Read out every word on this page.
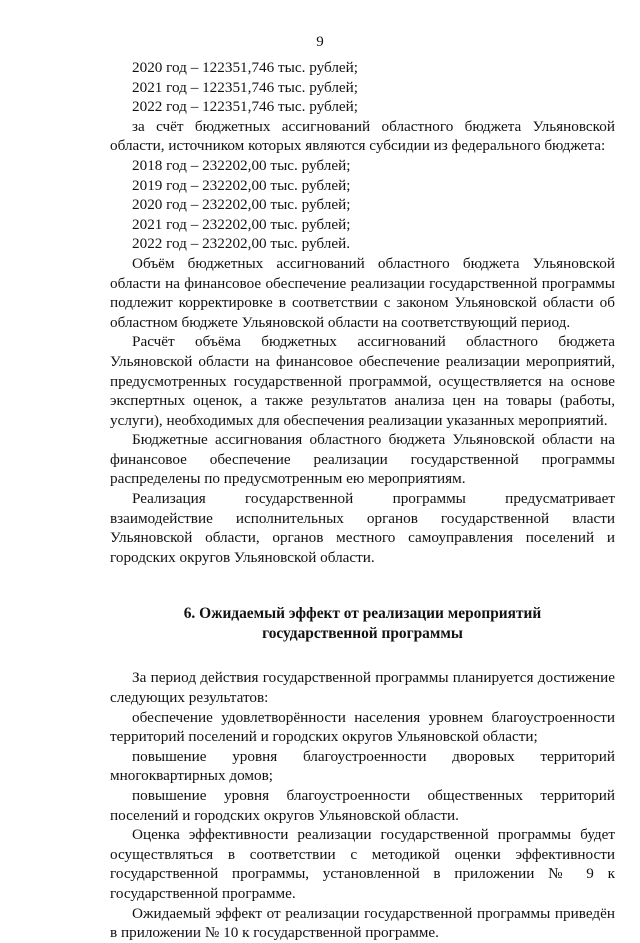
9

2020 год – 122351,746 тыс. рублей;

2021 год – 122351,746 тыс. рублей;

2022 год – 122351,746 тыс. рублей;

за счёт бюджетных ассигнований областного бюджета Ульяновской области, источником которых являются субсидии из федерального бюджета:

2018 год – 232202,00 тыс. рублей;

2019 год – 232202,00 тыс. рублей;

2020 год – 232202,00 тыс. рублей;

2021 год – 232202,00 тыс. рублей;

2022 год – 232202,00 тыс. рублей.

Объём бюджетных ассигнований областного бюджета Ульяновской области на финансовое обеспечение реализации государственной программы подлежит корректировке в соответствии с законом Ульяновской области об областном бюджете Ульяновской области на соответствующий период.

Расчёт объёма бюджетных ассигнований областного бюджета Ульяновской области на финансовое обеспечение реализации мероприятий, предусмотренных государственной программой, осуществляется на основе экспертных оценок, а также результатов анализа цен на товары (работы, услуги), необходимых для обеспечения реализации указанных мероприятий.

Бюджетные ассигнования областного бюджета Ульяновской области на финансовое обеспечение реализации государственной программы распределены по предусмотренным ею мероприятиям.

Реализация государственной программы предусматривает взаимодействие исполнительных органов государственной власти Ульяновской области, органов местного самоуправления поселений и городских округов Ульяновской области.

6. Ожидаемый эффект от реализации мероприятий
государственной программы

За период действия государственной программы планируется достижение следующих результатов:

обеспечение удовлетворённости населения уровнем благоустроенности территорий поселений и городских округов Ульяновской области;

повышение уровня благоустроенности дворовых территорий многоквартирных домов;

повышение уровня благоустроенности общественных территорий поселений и городских округов Ульяновской области.

Оценка эффективности реализации государственной программы будет осуществляться в соответствии с методикой оценки эффективности государственной программы, установленной в приложении № 9 к государственной программе.

Ожидаемый эффект от реализации государственной программы приведён в приложении № 10 к государственной программе.
